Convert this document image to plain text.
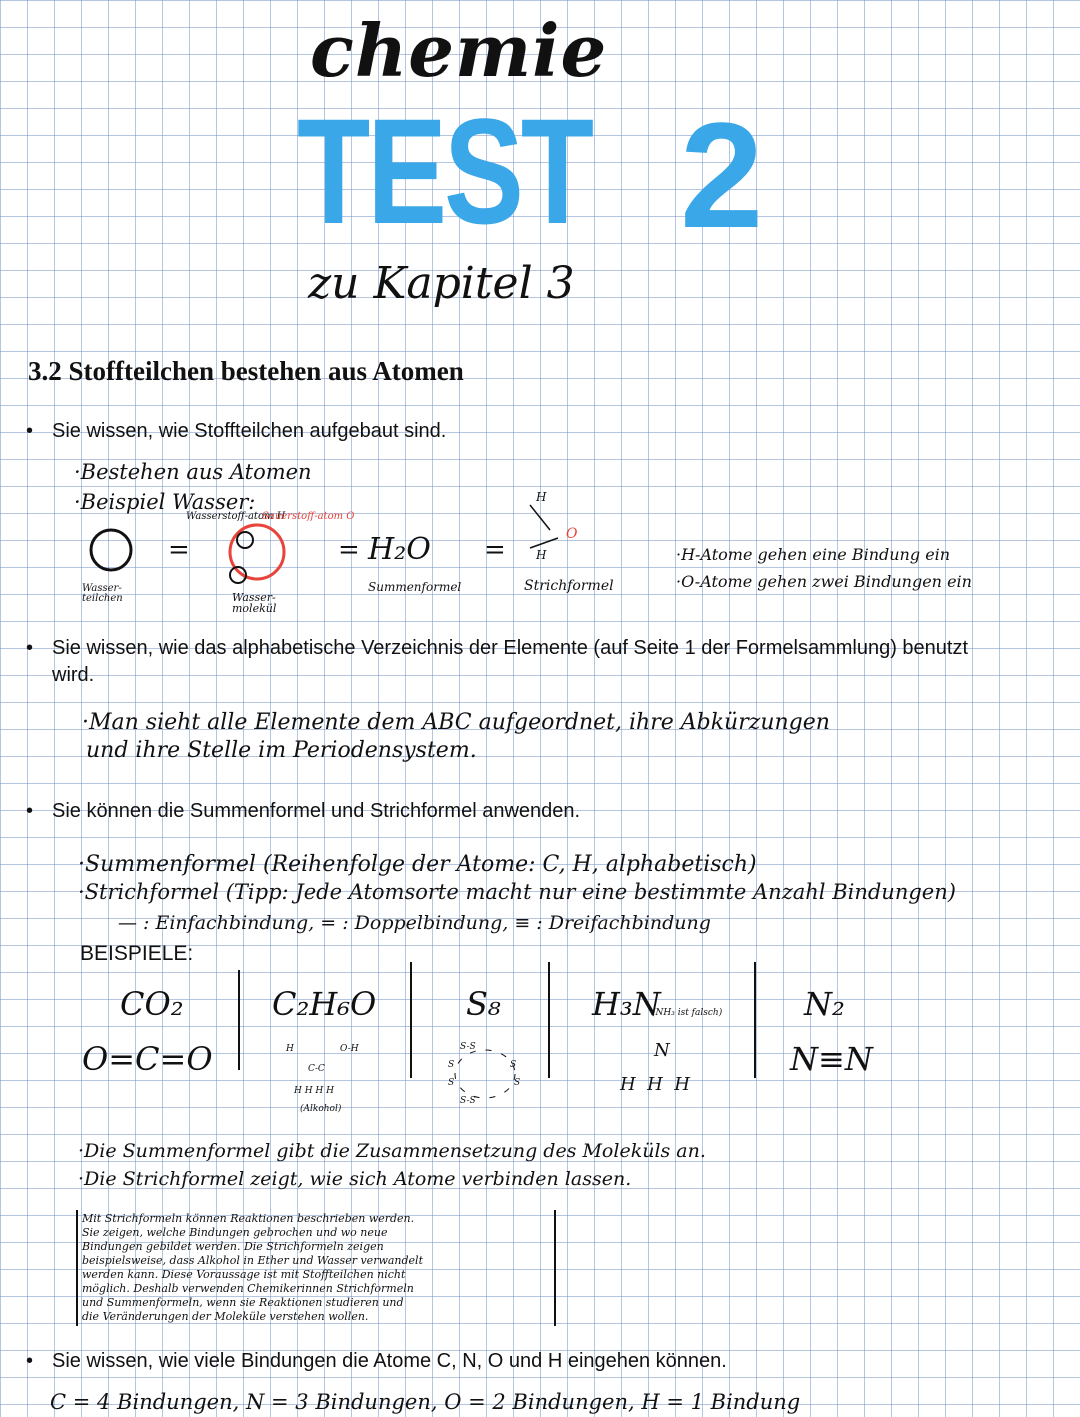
chemie
TEST 2
zu Kapitel 3
3.2 Stoffteilchen bestehen aus Atomen
Sie wissen, wie Stoffteilchen aufgebaut sind.
·Bestehen aus Atomen
·Beispiel Wasser:
Wasserstoff-atom H
Sauerstoff-atom O
=	=	=
H₂O
Wasser-teilchen	Wasser-molekül
Summenformel	Strichformel
H
H
O
·H-Atome gehen eine Bindung ein
·O-Atome gehen zwei Bindungen ein
Sie wissen, wie das alphabetische Verzeichnis der Elemente (auf Seite 1 der Formelsammlung) benutzt wird.
·Man sieht alle Elemente dem ABC aufgeordnet, ihre Abkürzungen
und ihre Stelle im Periodensystem.
Sie können die Summenformel und Strichformel anwenden.
·Summenformel (Reihenfolge der Atome: C, H, alphabetisch)
·Strichformel (Tipp: Jede Atomsorte macht nur eine bestimmte Anzahl Bindungen)
— : Einfachbindung, = : Doppelbindung, ≡ : Dreifachbindung
BEISPIELE:
CO₂
O=C=O
C₂H₆O
H	O-H
C-C
H H H H
(Alkohol)
S₈
S-S
S	S
S	S
S-S
H₃N
(NH₃ ist falsch)
N
H  H  H
N₂
N≡N
·Die Summenformel gibt die Zusammensetzung des Moleküls an.
·Die Strichformel zeigt, wie sich Atome verbinden lassen.
Mit Strichformeln können Reaktionen beschrieben werden.
Sie zeigen, welche Bindungen gebrochen und wo neue
Bindungen gebildet werden. Die Strichformeln zeigen
beispielsweise, dass Alkohol in Ether und Wasser verwandelt
werden kann. Diese Voraussage ist mit Stoffteilchen nicht
möglich. Deshalb verwenden Chemikerinnen Strichformeln
und Summenformeln, wenn sie Reaktionen studieren und
die Veränderungen der Moleküle verstehen wollen.
Sie wissen, wie viele Bindungen die Atome C, N, O und H eingehen können.
C = 4 Bindungen, N = 3 Bindungen, O = 2 Bindungen, H = 1 Bindung
